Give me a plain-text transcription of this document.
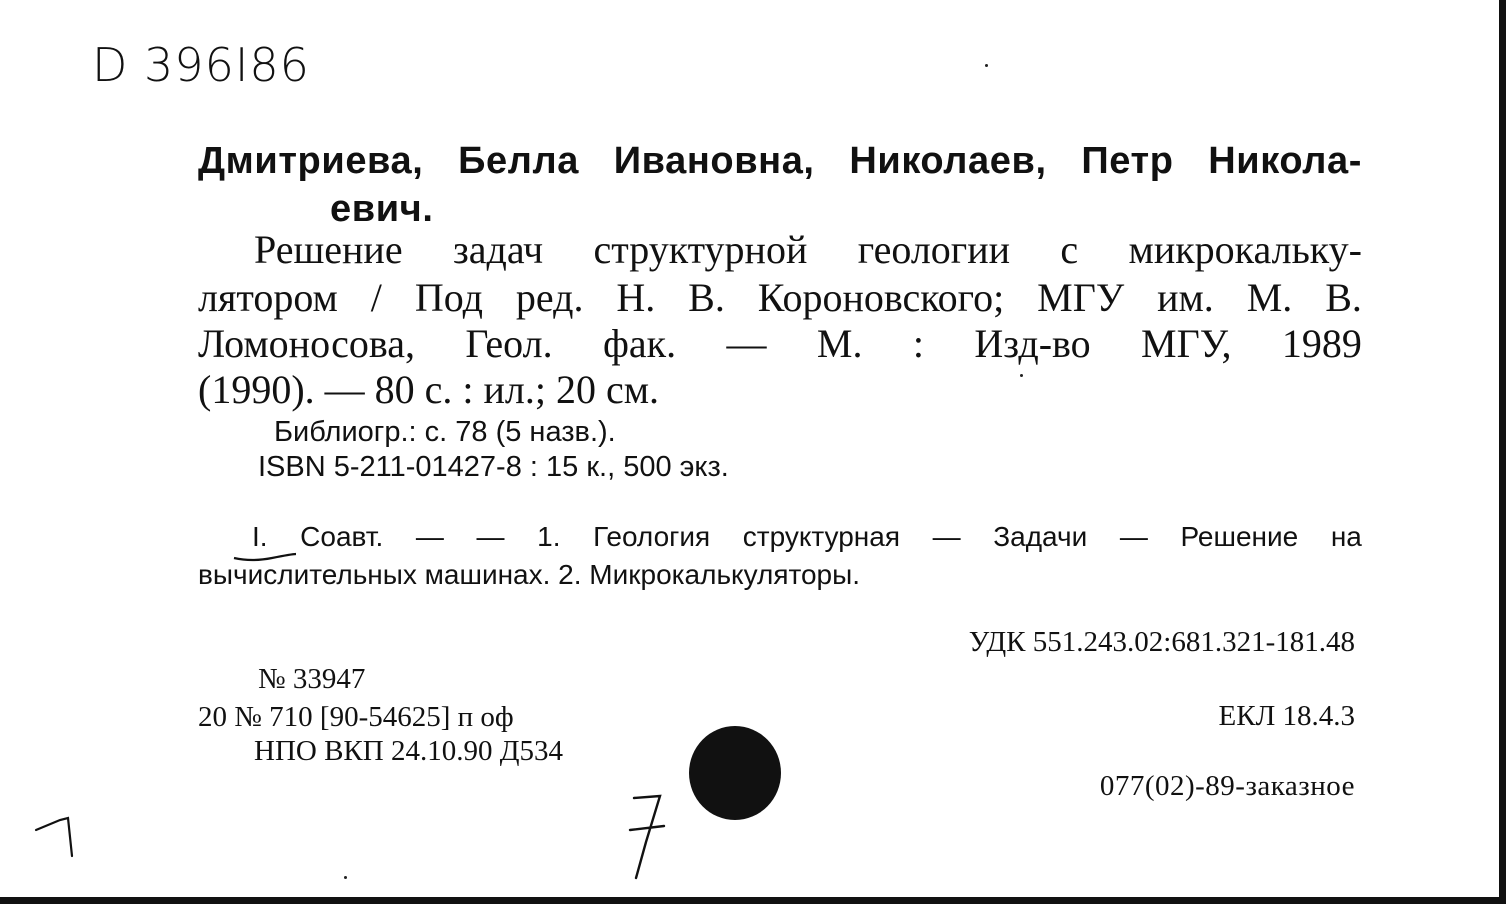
D 396I86
Дмитриева, Белла Ивановна, Николаев, Петр Никола-
евич.
Решение задач структурной геологии с микрокальку-
лятором / Под ред. Н. В. Короновского; МГУ им. М. В.
Ломоносова, Геол. фак. — М. : Изд-во МГУ, 1989
(1990). — 80 с. : ил.; 20 см.
Библиогр.: с. 78 (5 назв.).
ISBN 5-211-01427-8 : 15 к., 500 экз.
I. Соавт. — — 1. Геология структурная — Задачи — Решение на
вычислительных машинах. 2. Микрокалькуляторы.
УДК 551.243.02:681.321-181.48
ЕКЛ 18.4.3
077(02)-89-заказное
№ 33947
20 № 710 [90-54625] п оф
НПО ВКП 24.10.90 Д534
